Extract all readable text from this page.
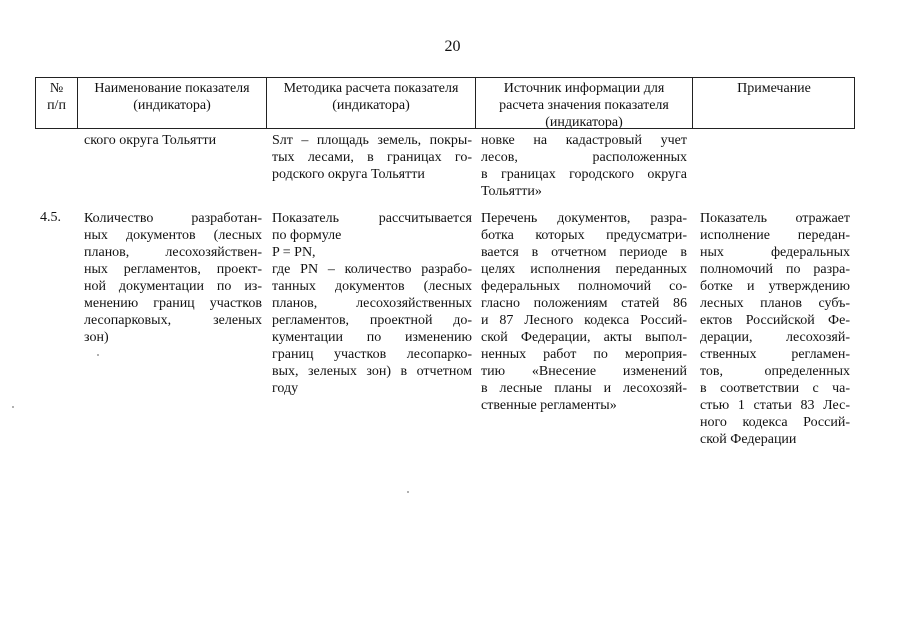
20
№
п/п
Наименование показателя
(индикатора)
Методика расчета показателя
(индикатора)
Источник информации для
расчета значения показателя
(индикатора)
Примечание
ского округа Тольятти	Sлт – площадь земель, покры-
тых лесами, в границах го-
родского округа Тольятти
новке на кадастровый учет
лесов, расположенных
в границах городского округа
Тольятти»
4.5. Количество разработан-
ных документов (лесных
планов, лесохозяйствен-
ных регламентов, проект-
ной документации по из-
менению границ участков
лесопарковых, зеленых
зон)
Показатель рассчитывается
по формуле
P = PN,
где PN – количество разрабо-
танных документов (лесных
планов, лесохозяйственных
регламентов, проектной до-
кументации по изменению
границ участков лесопарко-
вых, зеленых зон) в отчетном
году
Перечень документов, разра-
ботка которых предусматри-
вается в отчетном периоде в
целях исполнения переданных
федеральных полномочий со-
гласно положениям статей 86
и 87 Лесного кодекса Россий-
ской Федерации, акты выпол-
ненных работ по мероприя-
тию «Внесение изменений
в лесные планы и лесохозяй-
ственные регламенты»
Показатель отражает
исполнение передан-
ных федеральных
полномочий по разра-
ботке и утверждению
лесных планов субъ-
ектов Российской Фе-
дерации, лесохозяй-
ственных регламен-
тов, определенных
в соответствии с ча-
стью 1 статьи 83 Лес-
ного кодекса Россий-
ской Федерации
